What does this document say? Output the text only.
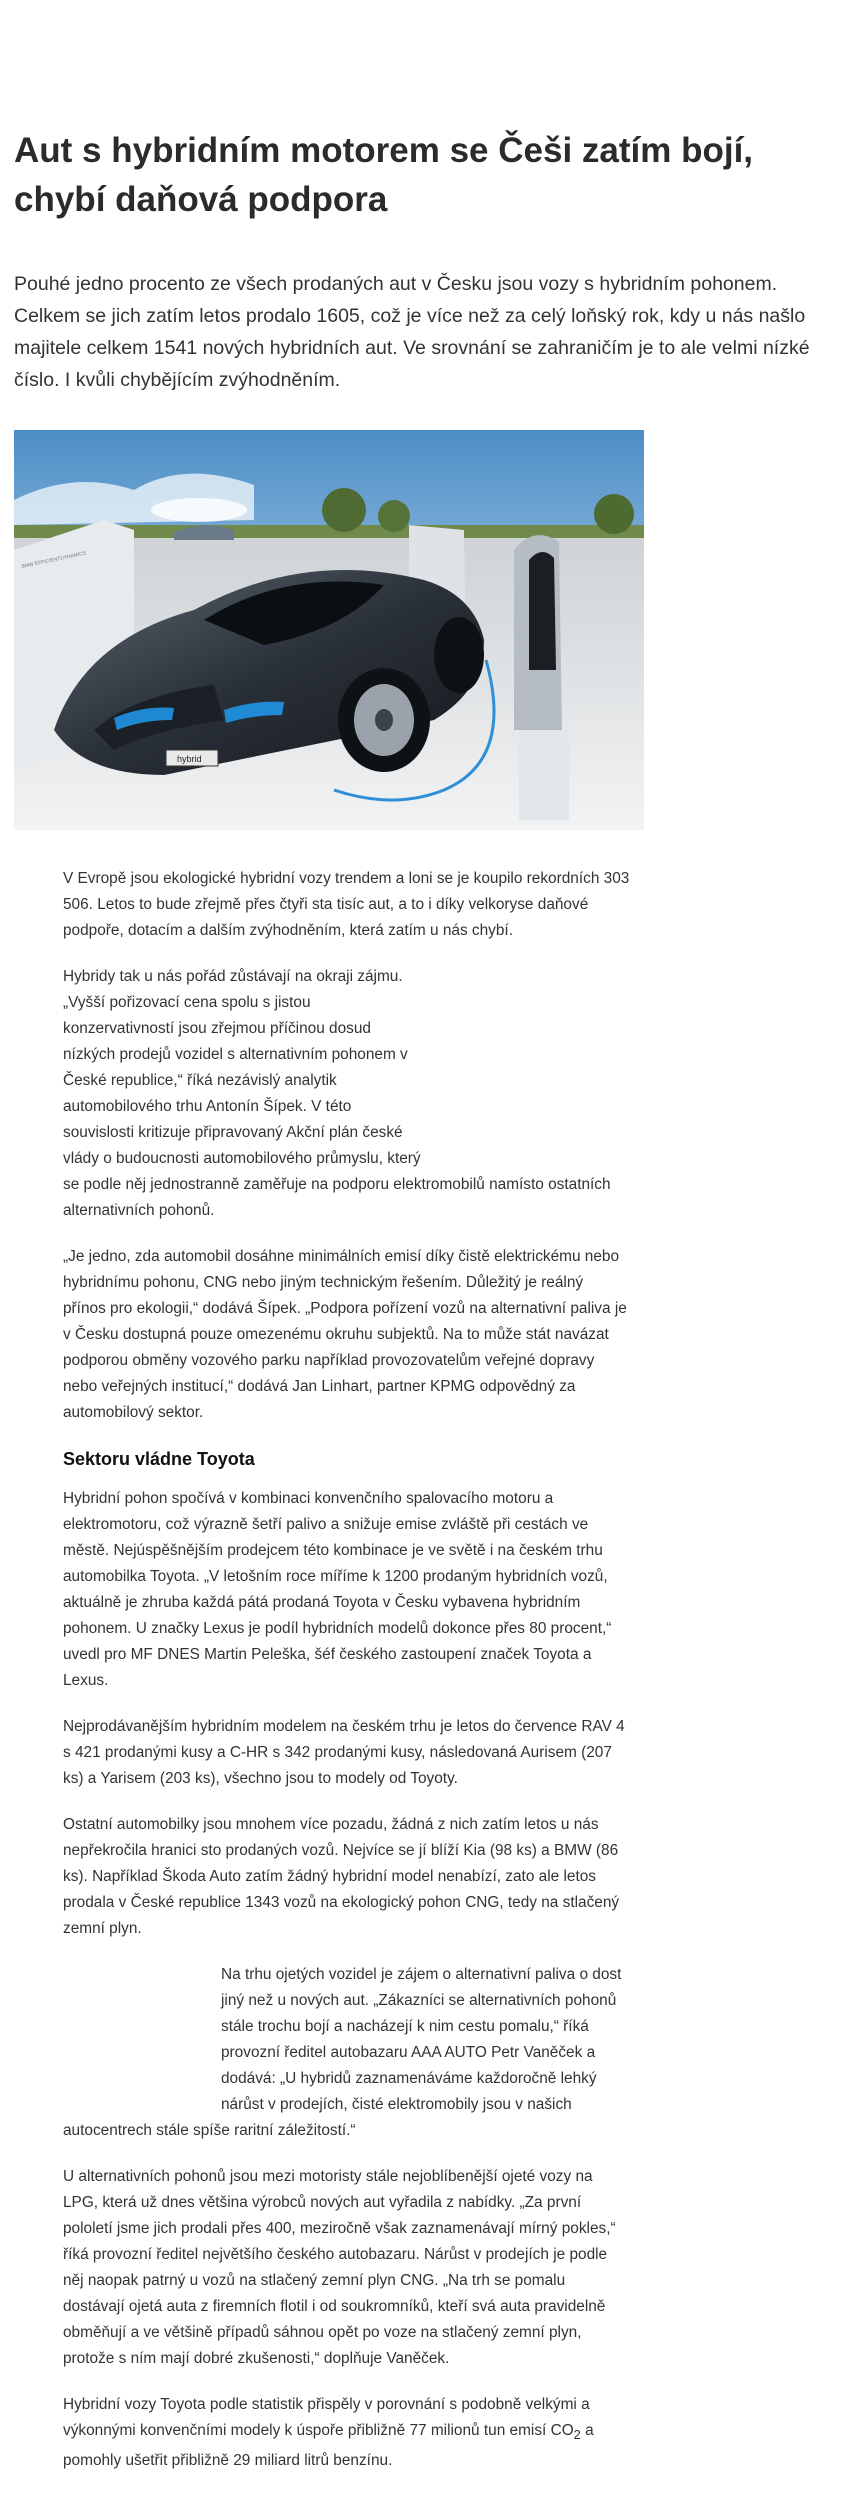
Aut s hybridním motorem se Češi zatím bojí, chybí daňová podpora

Pouhé jedno procento ze všech prodaných aut v Česku jsou vozy s hybridním pohonem. Celkem se jich zatím letos prodalo 1605, což je více než za celý loňský rok, kdy u nás našlo majitele celkem 1541 nových hybridních aut. Ve srovnání se zahraničím je to ale velmi nízké číslo. I kvůli chybějícím zvýhodněním.

BMW EFFICIENTDYNAMICS
hybrid

V Evropě jsou ekologické hybridní vozy trendem a loni se je koupilo rekordních 303 506. Letos to bude zřejmě přes čtyři sta tisíc aut, a to i díky velkoryse daňové podpoře, dotacím a dalším zvýhodněním, která zatím u nás chybí.

Hybridy tak u nás pořád zůstávají na okraji zájmu.
„Vyšší pořizovací cena spolu s jistou
konzervativností jsou zřejmou příčinou dosud
nízkých prodejů vozidel s alternativním pohonem v
České republice,“ říká nezávislý analytik
automobilového trhu Antonín Šípek. V této
souvislosti kritizuje připravovaný Akční plán české
vlády o budoucnosti automobilového průmyslu, který
se podle něj jednostranně zaměřuje na podporu elektromobilů namísto ostatních alternativních pohonů.

„Je jedno, zda automobil dosáhne minimálních emisí díky čistě elektrickému nebo hybridnímu pohonu, CNG nebo jiným technickým řešením. Důležitý je reálný přínos pro ekologii,“ dodává Šípek. „Podpora pořízení vozů na alternativní paliva je v Česku dostupná pouze omezenému okruhu subjektů. Na to může stát navázat podporou obměny vozového parku například provozovatelům veřejné dopravy nebo veřejných institucí,“ dodává Jan Linhart, partner KPMG odpovědný za automobilový sektor.

Sektoru vládne Toyota

Hybridní pohon spočívá v kombinaci konvenčního spalovacího motoru a elektromotoru, což výrazně šetří palivo a snižuje emise zvláště při cestách ve městě. Nejúspěšnějším prodejcem této kombinace je ve světě i na českém trhu automobilka Toyota. „V letošním roce míříme k 1200 prodaným hybridních vozů, aktuálně je zhruba každá pátá prodaná Toyota v Česku vybavena hybridním pohonem. U značky Lexus je podíl hybridních modelů dokonce přes 80 procent,“ uvedl pro MF DNES Martin Peleška, šéf českého zastoupení značek Toyota a Lexus.

Nejprodávanějším hybridním modelem na českém trhu je letos do července RAV 4 s 421 prodanými kusy a C-HR s 342 prodanými kusy, následovaná Aurisem (207 ks) a Yarisem (203 ks), všechno jsou to modely od Toyoty.

Ostatní automobilky jsou mnohem více pozadu, žádná z nich zatím letos u nás nepřekročila hranici sto prodaných vozů. Nejvíce se jí blíží Kia (98 ks) a BMW (86 ks). Například Škoda Auto zatím žádný hybridní model nenabízí, zato ale letos prodala v České republice 1343 vozů na ekologický pohon CNG, tedy na stlačený zemní plyn.

Na trhu ojetých vozidel je zájem o alternativní paliva o dost jiný než u nových aut. „Zákazníci se alternativních pohonů stále trochu bojí a nacházejí k nim cestu pomalu,“ říká provozní ředitel autobazaru AAA AUTO Petr Vaněček a dodává: „U hybridů zaznamenáváme každoročně lehký nárůst v prodejích, čisté elektromobily jsou v našich autocentrech stále spíše raritní záležitostí.“

U alternativních pohonů jsou mezi motoristy stále nejoblíbenější ojeté vozy na LPG, která už dnes většina výrobců nových aut vyřadila z nabídky. „Za první pololetí jsme jich prodali přes 400, meziročně však zaznamenávají mírný pokles,“ říká provozní ředitel největšího českého autobazaru. Nárůst v prodejích je podle něj naopak patrný u vozů na stlačený zemní plyn CNG. „Na trh se pomalu dostávají ojetá auta z firemních flotil i od soukromníků, kteří svá auta pravidelně obměňují a ve většině případů sáhnou opět po voze na stlačený zemní plyn, protože s ním mají dobré zkušenosti,“ doplňuje Vaněček.

Hybridní vozy Toyota podle statistik přispěly v porovnání s podobně velkými a výkonnými konvenčními modely k úspoře přibližně 77 milionů tun emisí $CO_2$ a pomohly ušetřit přibližně 29 miliard litrů benzínu.
